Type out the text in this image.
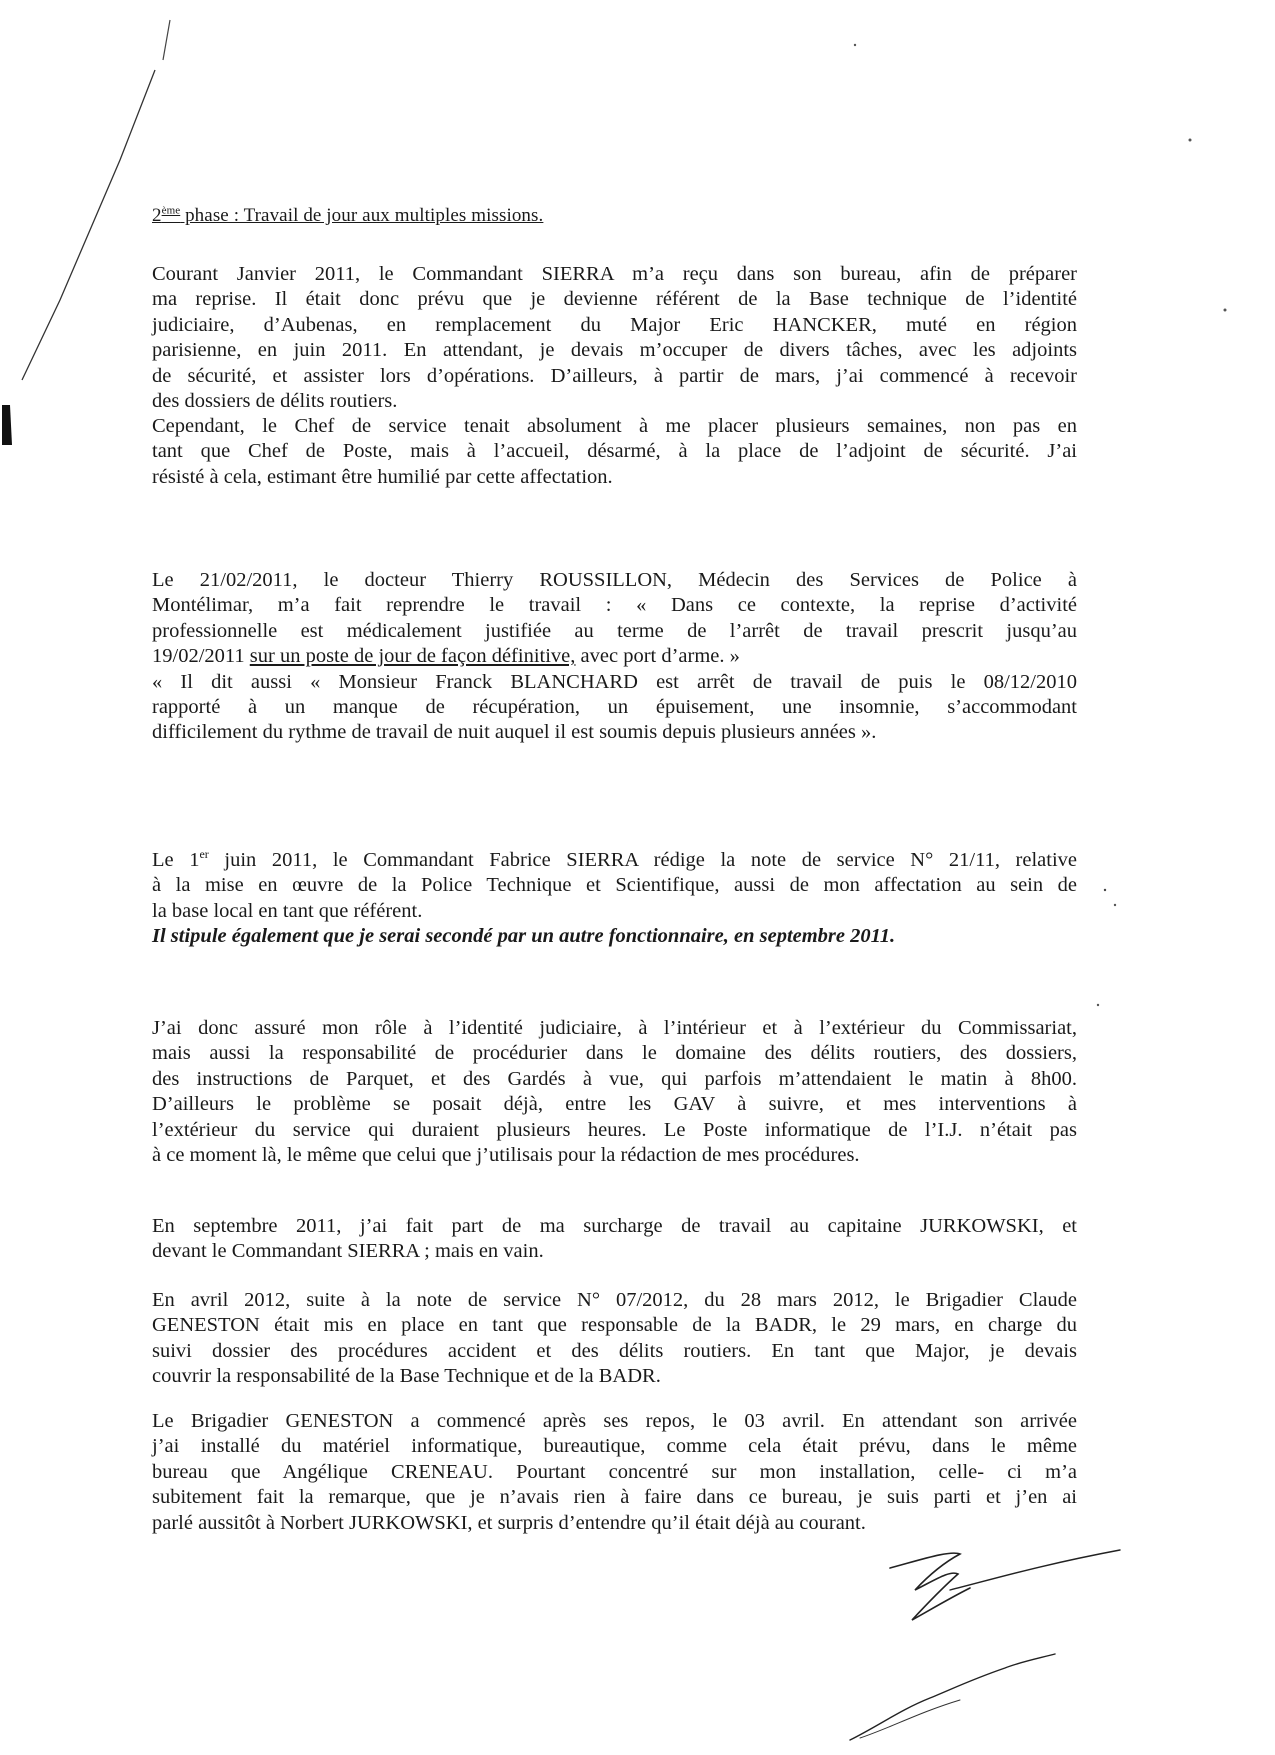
2ème phase : Travail de jour aux multiples missions.
Courant Janvier 2011, le Commandant SIERRA m’a reçu dans son bureau, afin de préparer
ma reprise. Il était donc prévu que je devienne référent de la Base technique de l’identité
judiciaire, d’Aubenas, en remplacement du Major Eric HANCKER, muté en région
parisienne, en juin 2011. En attendant, je devais m’occuper de divers tâches, avec les adjoints
de sécurité, et assister lors d’opérations. D’ailleurs, à partir de mars, j’ai commencé à recevoir
des dossiers de délits routiers.
Cependant, le Chef de service tenait absolument à me placer plusieurs semaines, non pas en
tant que Chef de Poste, mais à l’accueil, désarmé, à la place de l’adjoint de sécurité. J’ai
résisté à cela, estimant être humilié par cette affectation.
Le 21/02/2011, le docteur Thierry ROUSSILLON, Médecin des Services de Police à
Montélimar, m’a fait reprendre le travail : « Dans ce contexte, la reprise d’activité
professionnelle est médicalement justifiée au terme de l’arrêt de travail prescrit jusqu’au
19/02/2011 sur un poste de jour de façon définitive, avec port d’arme. »
« Il dit aussi « Monsieur Franck BLANCHARD est arrêt de travail de puis le 08/12/2010
rapporté à un manque de récupération, un épuisement, une insomnie, s’accommodant
difficilement du rythme de travail de nuit auquel il est soumis depuis plusieurs années ».
Le 1er juin 2011, le Commandant Fabrice SIERRA rédige la note de service N° 21/11, relative
à la mise en œuvre de la Police Technique et Scientifique, aussi de mon affectation au sein de
la base local en tant que référent.
Il stipule également que je serai secondé par un autre fonctionnaire, en septembre 2011.
J’ai donc assuré mon rôle à l’identité judiciaire, à l’intérieur et à l’extérieur du Commissariat,
mais aussi la responsabilité de procédurier dans le domaine des délits routiers, des dossiers,
des instructions de Parquet, et des Gardés à vue, qui parfois m’attendaient le matin à 8h00.
D’ailleurs le problème se posait déjà, entre les GAV à suivre, et mes interventions à
l’extérieur du service qui duraient plusieurs heures. Le Poste informatique de l’I.J. n’était pas
à ce moment là, le même que celui que j’utilisais pour la rédaction de mes procédures.
En septembre 2011, j’ai fait part de ma surcharge de travail au capitaine JURKOWSKI, et
devant le Commandant SIERRA ; mais en vain.
En avril 2012, suite à la note de service N° 07/2012, du 28 mars 2012, le Brigadier Claude
GENESTON était mis en place en tant que responsable de la BADR, le 29 mars, en charge du
suivi dossier des procédures accident et des délits routiers. En tant que Major, je devais
couvrir la responsabilité de la Base Technique et de la BADR.
Le Brigadier GENESTON a commencé après ses repos, le 03 avril. En attendant son arrivée
j’ai installé du matériel informatique, bureautique, comme cela était prévu, dans le même
bureau que Angélique CRENEAU. Pourtant concentré sur mon installation, celle- ci m’a
subitement fait la remarque, que je n’avais rien à faire dans ce bureau, je suis parti et j’en ai
parlé aussitôt à Norbert JURKOWSKI, et surpris d’entendre qu’il était déjà au courant.
